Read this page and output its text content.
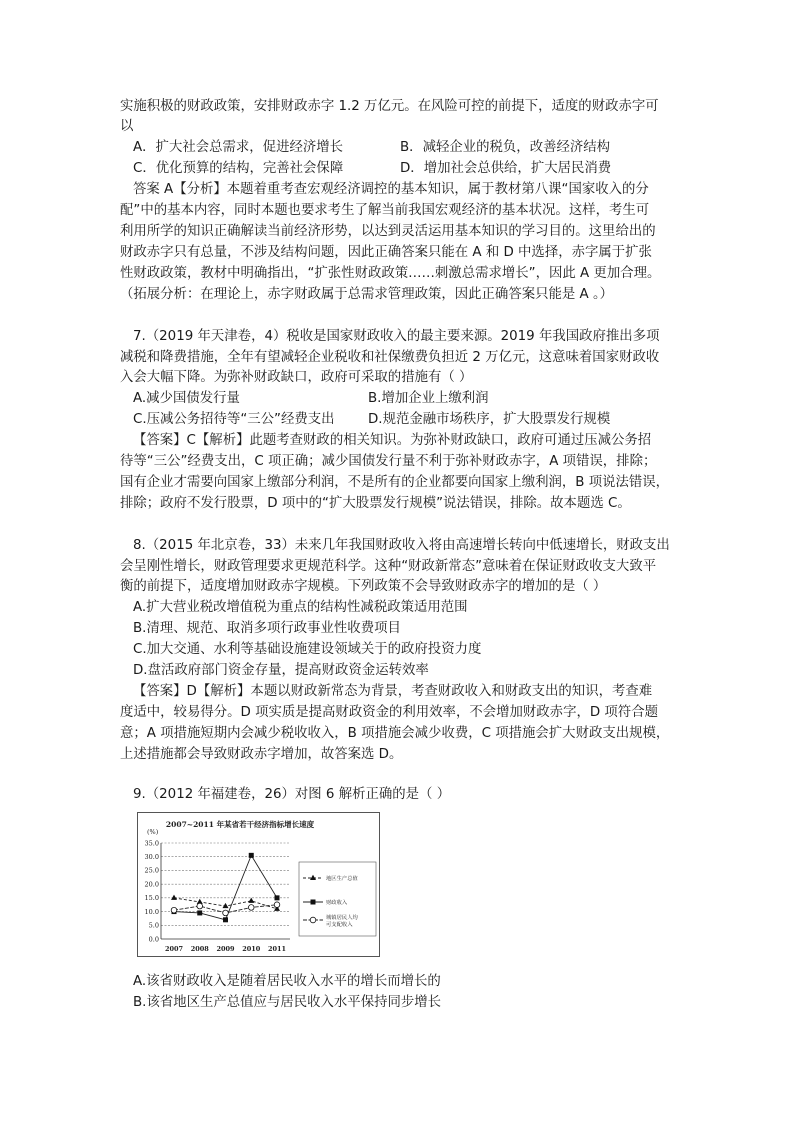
实施积极的财政政策，安排财政赤字 1.2 万亿元。在风险可控的前提下，适度的财政赤字可
以
A．扩大社会总需求，促进经济增长	B．减轻企业的税负，改善经济结构
C．优化预算的结构，完善社会保障	D．增加社会总供给，扩大居民消费
答案 A【分析】本题着重考查宏观经济调控的基本知识，属于教材第八课“国家收入的分
配”中的基本内容，同时本题也要求考生了解当前我国宏观经济的基本状况。这样，考生可
利用所学的知识正确解读当前经济形势，以达到灵活运用基本知识的学习目的。这里给出的
财政赤字只有总量，不涉及结构问题，因此正确答案只能在 A 和 D 中选择，赤字属于扩张
性财政政策，教材中明确指出，“扩张性财政政策……刺激总需求增长”，因此 A 更加合理。
（拓展分析：在理论上，赤字财政属于总需求管理政策，因此正确答案只能是 A 。）
7.（2019 年天津卷，4）税收是国家财政收入的最主要来源。2019 年我国政府推出多项
减税和降费措施，全年有望减轻企业税收和社保缴费负担近 2 万亿元，这意味着国家财政收
入会大幅下降。为弥补财政缺口，政府可采取的措施有（ ）
A.减少国债发行量	B.增加企业上缴利润
C.压减公务招待等“三公”经费支出 D.规范金融市场秩序，扩大股票发行规模
【答案】C【解析】此题考查财政的相关知识。为弥补财政缺口，政府可通过压减公务招
待等“三公”经费支出，C 项正确；减少国债发行量不利于弥补财政赤字，A 项错误，排除；
国有企业才需要向国家上缴部分利润，不是所有的企业都要向国家上缴利润，B 项说法错误，
排除；政府不发行股票，D 项中的“扩大股票发行规模”说法错误，排除。故本题选 C。
8.（2015 年北京卷，33）未来几年我国财政收入将由高速增长转向中低速增长，财政支出
会呈刚性增长，财政管理要求更规范科学。这种“财政新常态”意味着在保证财政收支大致平
衡的前提下，适度增加财政赤字规模。下列政策不会导致财政赤字的增加的是（ ）
A.扩大营业税改增值税为重点的结构性减税政策适用范围
B.清理、规范、取消多项行政事业性收费项目
C.加大交通、水利等基础设施建设领域关于的政府投资力度
D.盘活政府部门资金存量，提高财政资金运转效率
【答案】D【解析】本题以财政新常态为背景，考查财政收入和财政支出的知识，考查难
度适中，较易得分。D 项实质是提高财政资金的利用效率，不会增加财政赤字，D 项符合题
意；A 项措施短期内会减少税收收入，B 项措施会减少收费，C 项措施会扩大财政支出规模，
上述措施都会导致财政赤字增加，故答案选 D。
9.（2012 年福建卷，26）对图 6 解析正确的是（ ）
2007~2011 年某省若干经济指标增长速度
(%)
0.0
5.0
10.0
15.0
20.0
25.0
30.0
35.0
2007 2008 2009 2010 2011
地区生产总值
财政收入
城镇居民人均可支配收入
A.该省财政收入是随着居民收入水平的增长而增长的
B.该省地区生产总值应与居民收入水平保持同步增长
